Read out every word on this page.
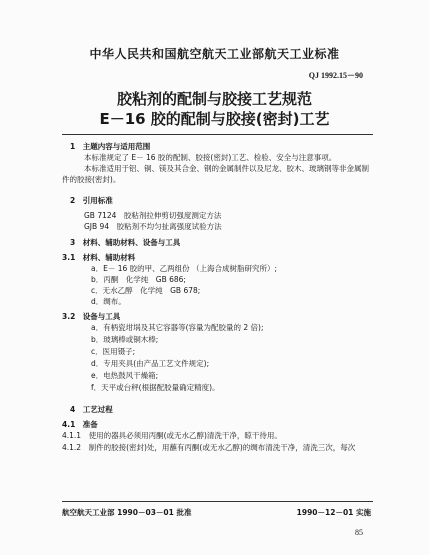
中华人民共和国航空航天工业部航天工业标准
QJ 1992.15－90
胶粘剂的配制与胶接工艺规范
E－16 胶的配制与胶接(密封)工艺
1　主题内容与适用范围
本标准规定了 E－ 16 胶的配制、胶接(密封)工艺、检验、安全与注意事项。
本标准适用于铝、铜、镁及其合金、钢的金属制件以及尼龙、胶木、玻璃钢等非金属制
件的胶接(密封)。
2　引用标准
GB 7124　胶粘剂拉伸剪切强度测定方法
GJB 94　胶粘剂不均匀扯离强度试验方法
3　材料、辅助材料、设备与工具
3.1　材料、辅助材料
a．E－ 16 胶的甲、乙两组份 （上海合成树脂研究所）;
b．丙酮　化学纯　GB 686;
c．无水乙醇　化学纯　GB 678;
d．绸布。
3.2　设备与工具
a．有柄瓷坩埚及其它容器等(容量为配胶量的 2 倍);
b．玻璃棒或铜木棒;
c．医用镊子;
d．专用夹具(由产品工艺文件规定);
e．电热鼓风干燥箱;
f．天平或台秤(根据配胶量确定精度)。
4　工艺过程
4.1　准备
4.1.1　使用的器具必须用丙酮(或无水乙醇)清洗干净，晾干待用。
4.1.2　制件的胶接(密封)处，用蘸有丙酮(或无水乙醇)的绸布清洗干净，清洗三次，每次
航空航天工业部 1990－03－01 批准	1990－12－01 实施
85
